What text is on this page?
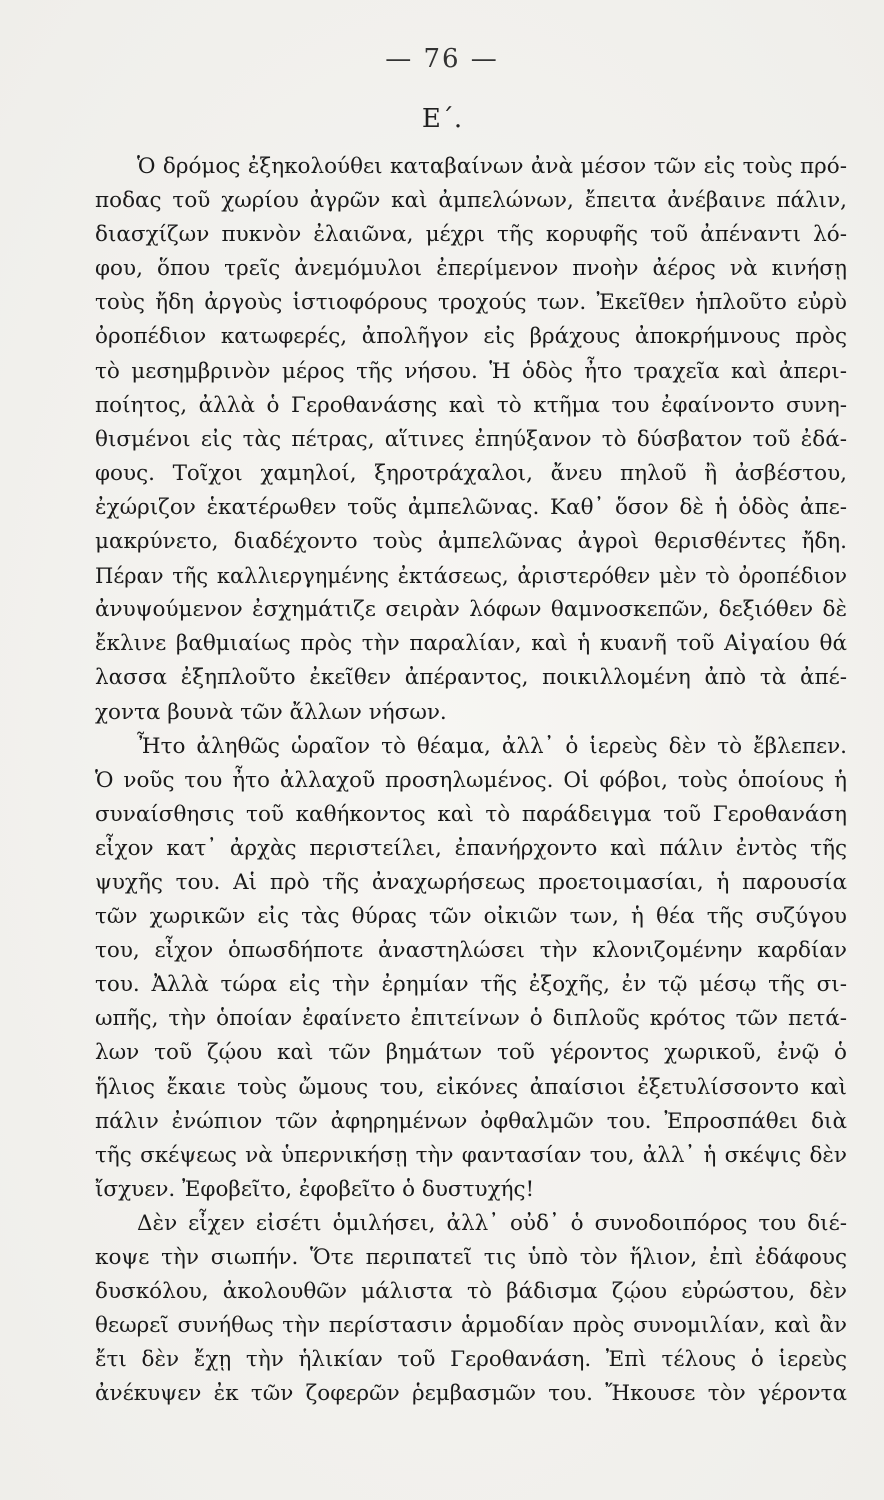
— 76 —
Ε΄.
Ὁ δρόμος ἐξηκολούθει καταβαίνων ἀνὰ μέσον τῶν εἰς τοὺς πρό-
ποδας τοῦ χωρίου ἀγρῶν καὶ ἀμπελώνων, ἔπειτα ἀνέβαινε πάλιν,
διασχίζων πυκνὸν ἐλαιῶνα, μέχρι τῆς κορυφῆς τοῦ ἀπέναντι λό-
φου, ὅπου τρεῖς ἀνεμόμυλοι ἐπερίμενον πνοὴν ἀέρος νὰ κινήσῃ
τοὺς ἤδη ἀργοὺς ἱστιοφόρους τροχούς των. Ἐκεῖθεν ἡπλοῦτο εὐρὺ
ὀροπέδιον κατωφερές, ἀπολῆγον εἰς βράχους ἀποκρήμνους πρὸς
τὸ μεσημβρινὸν μέρος τῆς νήσου. Ἡ ὁδὸς ἦτο τραχεῖα καὶ ἀπερι-
ποίητος, ἀλλὰ ὁ Γεροθανάσης καὶ τὸ κτῆμα του ἐφαίνοντο συνη-
θισμένοι εἰς τὰς πέτρας, αἵτινες ἐπηύξανον τὸ δύσβατον τοῦ ἐδά-
φους. Τοῖχοι χαμηλοί, ξηροτράχαλοι, ἄνευ πηλοῦ ἢ ἀσβέστου,
ἐχώριζον ἑκατέρωθεν τοῦς ἀμπελῶνας. Καθ᾽ ὅσον δὲ ἡ ὁδὸς ἀπε-
μακρύνετο, διαδέχοντο τοὺς ἀμπελῶνας ἀγροὶ θερισθέντες ἤδη.
Πέραν τῆς καλλιεργημένης ἐκτάσεως, ἀριστερόθεν μὲν τὸ ὀροπέδιον
ἀνυψούμενον ἐσχημάτιζε σειρὰν λόφων θαμνοσκεπῶν, δεξιόθεν δὲ
ἔκλινε βαθμιαίως πρὸς τὴν παραλίαν, καὶ ἡ κυανῆ τοῦ Αἰγαίου θά
λασσα ἐξηπλοῦτο ἐκεῖθεν ἀπέραντος, ποικιλλομένη ἀπὸ τὰ ἀπέ-
χοντα βουνὰ τῶν ἄλλων νήσων.
Ἦτο ἀληθῶς ὡραῖον τὸ θέαμα, ἀλλ᾽ ὁ ἱερεὺς δὲν τὸ ἔβλεπεν.
Ὁ νοῦς του ἦτο ἀλλαχοῦ προσηλωμένος. Οἱ φόβοι, τοὺς ὁποίους ἡ
συναίσθησις τοῦ καθήκοντος καὶ τὸ παράδειγμα τοῦ Γεροθανάση
εἶχον κατ᾽ ἀρχὰς περιστείλει, ἐπανήρχοντο καὶ πάλιν ἐντὸς τῆς
ψυχῆς του. Αἱ πρὸ τῆς ἀναχωρήσεως προετοιμασίαι, ἡ παρουσία
τῶν χωρικῶν εἰς τὰς θύρας τῶν οἰκιῶν των, ἡ θέα τῆς συζύγου
του, εἶχον ὁπωσδήποτε ἀναστηλώσει τὴν κλονιζομένην καρδίαν
του. Ἀλλὰ τώρα εἰς τὴν ἐρημίαν τῆς ἐξοχῆς, ἐν τῷ μέσῳ τῆς σι-
ωπῆς, τὴν ὁποίαν ἐφαίνετο ἐπιτείνων ὁ διπλοῦς κρότος τῶν πετά-
λων τοῦ ζῴου καὶ τῶν βημάτων τοῦ γέροντος χωρικοῦ, ἐνῷ ὁ
ἥλιος ἔκαιε τοὺς ὤμους του, εἰκόνες ἀπαίσιοι ἐξετυλίσσοντο καὶ
πάλιν ἐνώπιον τῶν ἀφηρημένων ὀφθαλμῶν του. Ἐπροσπάθει διὰ
τῆς σκέψεως νὰ ὑπερνικήσῃ τὴν φαντασίαν του, ἀλλ᾽ ἡ σκέψις δὲν
ἴσχυεν. Ἐφοβεῖτο, ἐφοβεῖτο ὁ δυστυχής!
Δὲν εἶχεν εἰσέτι ὁμιλήσει, ἀλλ᾽ οὐδ᾽ ὁ συνοδοιπόρος του διέ-
κοψε τὴν σιωπήν. Ὅτε περιπατεῖ τις ὑπὸ τὸν ἥλιον, ἐπὶ ἐδάφους
δυσκόλου, ἀκολουθῶν μάλιστα τὸ βάδισμα ζῴου εὐρώστου, δὲν
θεωρεῖ συνήθως τὴν περίστασιν ἁρμοδίαν πρὸς συνομιλίαν, καὶ ἂν
ἔτι δὲν ἔχῃ τὴν ἡλικίαν τοῦ Γεροθανάση. Ἐπὶ τέλους ὁ ἱερεὺς
ἀνέκυψεν ἐκ τῶν ζοφερῶν ῥεμβασμῶν του. Ἤκουσε τὸν γέροντα
